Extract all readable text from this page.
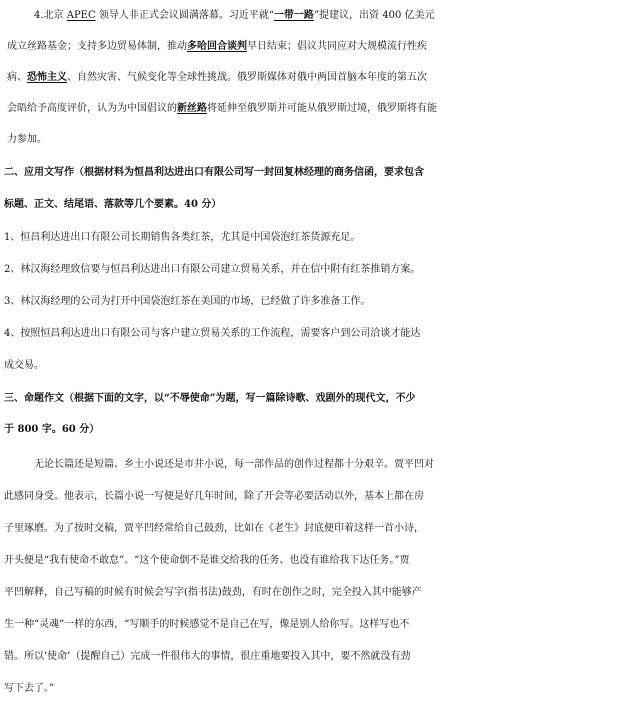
4.北京 APEC 领导人非正式会议圆满落幕。习近平就“一带一路”提建议，出资 400 亿美元
成立丝路基金；支持多边贸易体制，推动多哈回合谈判早日结束；倡议共同应对大规模流行性疾
病、恐怖主义、自然灾害、气候变化等全球性挑战。俄罗斯媒体对俄中两国首脑本年度的第五次
会晤给予高度评价，认为为中国倡议的新丝路将延伸至俄罗斯并可能从俄罗斯过境，俄罗斯将有能
力参加。
二、应用文写作（根据材料为恒昌利达进出口有限公司写一封回复林经理的商务信函，要求包含
标题、正文、结尾语、落款等几个要素。40 分）
1、恒昌利达进出口有限公司长期销售各类红茶，尤其是中国袋泡红茶货源充足。
2、林汉海经理致信要与恒昌利达进出口有限公司建立贸易关系，并在信中附有红茶推销方案。
3、林汉海经理的公司为打开中国袋泡红茶在美国的市场，已经做了许多准备工作。
4、按照恒昌利达进出口有限公司与客户建立贸易关系的工作流程，需要客户到公司洽谈才能达
成交易。
三、命题作文（根据下面的文字，以“不辱使命”为题，写一篇除诗歌、戏剧外的现代文，不少
于 800 字。60 分）
无论长篇还是短篇、乡土小说还是市井小说，每一部作品的创作过程都十分艰辛。贾平凹对
此感同身受。他表示，长篇小说一写便是好几年时间，除了开会等必要活动以外，基本上都在房
子里琢磨。为了按时交稿，贾平凹经常给自己鼓劲，比如在《老生》封底便印着这样一首小诗，
开头便是“我有使命不敢怠”。“这个使命倒不是谁交给我的任务、也没有谁给我下达任务。”贾
平凹解释，自己写稿的时候有时候会写字(指书法)鼓劲，有时在创作之时，完全投入其中能够产
生一种“灵魂”一样的东西，“写顺手的时候感觉不是自己在写，像是别人给你写。这样写也不
错。所以‘使命’（提醒自己）完成一件很伟大的事情，很庄重地要投入其中，要不然就没有劲
写下去了。”
